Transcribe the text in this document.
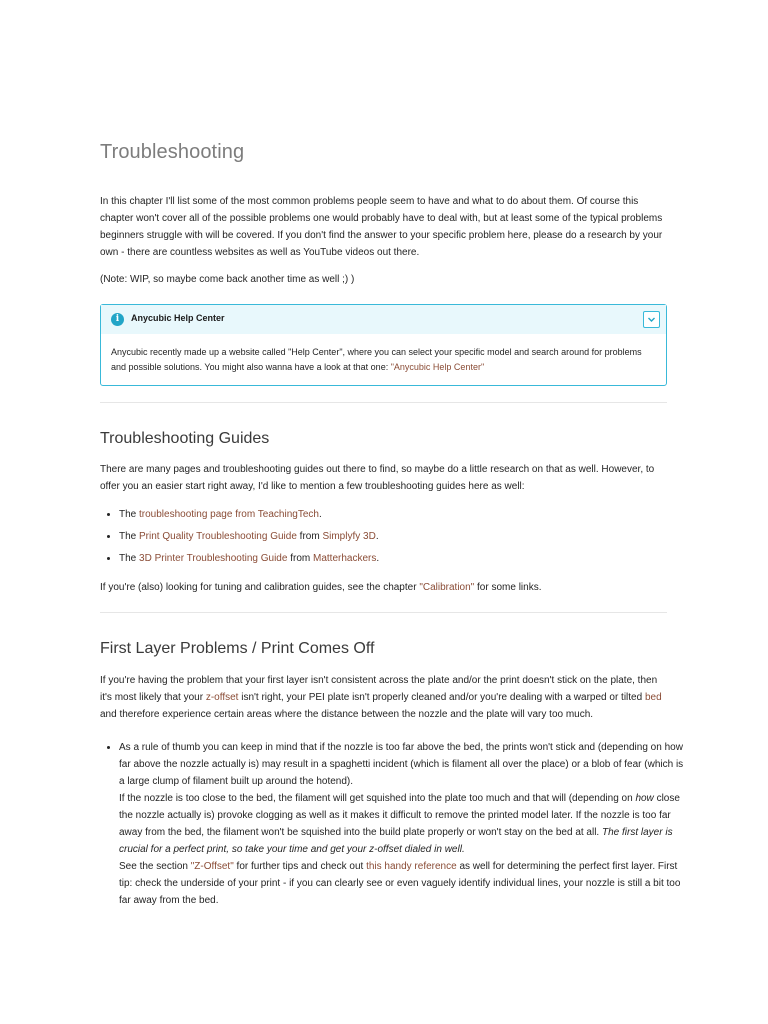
Troubleshooting

In this chapter I'll list some of the most common problems people seem to have and what to do about them. Of course this chapter won't cover all of the possible problems one would probably have to deal with, but at least some of the typical problems beginners struggle with will be covered. If you don't find the answer to your specific problem here, please do a research by your own - there are countless websites as well as YouTube videos out there.

(Note: WIP, so maybe come back another time as well ;) )

i	Anycubic Help Center
Anycubic recently made up a website called "Help Center", where you can select your specific model and search around for problems and possible solutions. You might also wanna have a look at that one: "Anycubic Help Center"
Troubleshooting Guides

There are many pages and troubleshooting guides out there to find, so maybe do a little research on that as well. However, to offer you an easier start right away, I'd like to mention a few troubleshooting guides here as well:

• The troubleshooting page from TeachingTech.
• The Print Quality Troubleshooting Guide from Simplyfy 3D.
• The 3D Printer Troubleshooting Guide from Matterhackers.

If you're (also) looking for tuning and calibration guides, see the chapter "Calibration" for some links.

First Layer Problems / Print Comes Off

If you're having the problem that your first layer isn't consistent across the plate and/or the print doesn't stick on the plate, then it's most likely that your z-offset isn't right, your PEI plate isn't properly cleaned and/or you're dealing with a warped or tilted bed and therefore experience certain areas where the distance between the nozzle and the plate will vary too much.

• As a rule of thumb you can keep in mind that if the nozzle is too far above the bed, the prints won't stick and (depending on how far above the nozzle actually is) may result in a spaghetti incident (which is filament all over the place) or a blob of fear (which is a large clump of filament built up around the hotend).
If the nozzle is too close to the bed, the filament will get squished into the plate too much and that will (depending on how close the nozzle actually is) provoke clogging as well as it makes it difficult to remove the printed model later. If the nozzle is too far away from the bed, the filament won't be squished into the build plate properly or won't stay on the bed at all. The first layer is crucial for a perfect print, so take your time and get your z-offset dialed in well.
See the section "Z-Offset" for further tips and check out this handy reference as well for determining the perfect first layer. First tip: check the underside of your print - if you can clearly see or even vaguely identify individual lines, your nozzle is still a bit too far away from the bed.
